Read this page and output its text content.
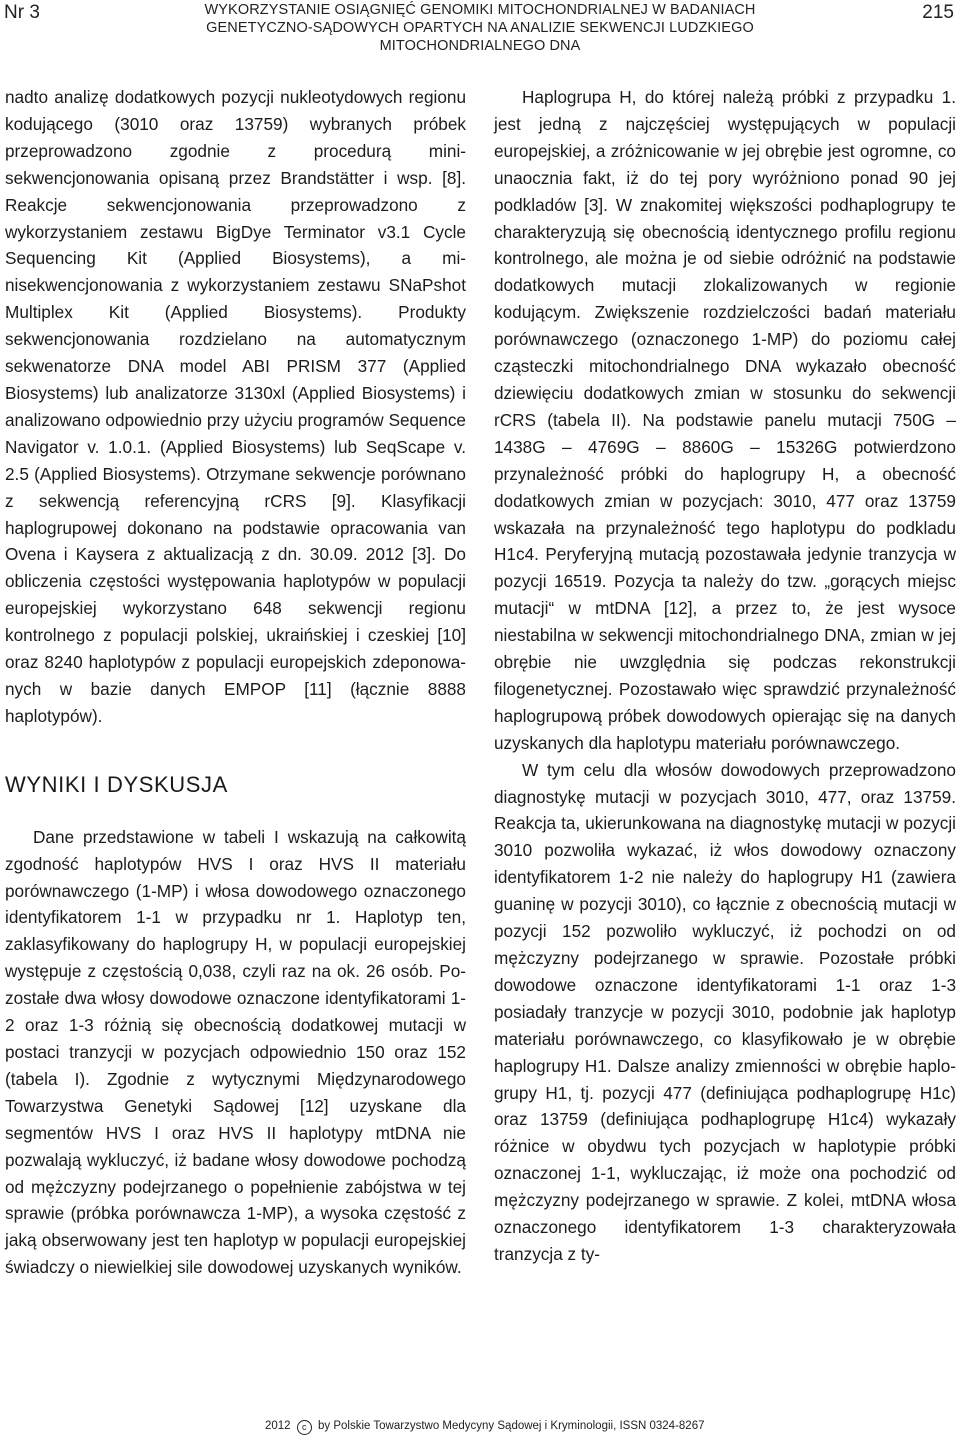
Nr 3	WYKORZYSTANIE OSIĄGNIĘĆ GENOMIKI MITOCHONDRIALNEJ W BADANIACH
GENETYCZNO-SĄDOWYCH OPARTYCH NA ANALIZIE SEKWENCJI LUDZKIEGO
MITOCHONDRIALNEGO DNA
215

nadto analizę dodatkowych pozycji nukleotydowych regionu kodującego (3010 oraz 13759) wybranych próbek przeprowadzono zgodnie z procedurą minisekwencjonowania opisaną przez Brandstätter i wsp. [8]. Reakcje sekwencjonowania przeprowadzono z wykorzystaniem zestawu BigDye Terminator v3.1 Cycle Sequencing Kit (Applied Biosystems), a minisekwencjonowania z wykorzystaniem zestawu SNaPshot Multiplex Kit (Applied Biosystems). Produkty sekwencjonowania rozdzielano na automatycznym sekwenatorze DNA model ABI PRISM 377 (Applied Biosystems) lub analizatorze 3130xl (Applied Biosystems) i analizowano odpowiednio przy użyciu programów Sequence Navigator v. 1.0.1. (Applied Biosystems) lub SeqScape v. 2.5 (Applied Biosystems). Otrzymane sekwencje porównano z sekwencją referencyjną rCRS [9]. Klasyfikacji haplogrupowej dokonano na podstawie opracowania van Ovena i Kaysera z aktualizacją z dn. 30.09. 2012 [3]. Do obliczenia częstości występowania haplotypów w populacji europejskiej wykorzystano 648 sekwencji regionu kontrolnego z populacji polskiej, ukraińskiej i czeskiej [10] oraz 8240 haplotypów z populacji europejskich zdeponowanych w bazie danych EMPOP [11] (łącznie 8888 haplotypów).

WYNIKI I DYSKUSJA

Dane przedstawione w tabeli I wskazują na całkowitą zgodność haplotypów HVS I oraz HVS II materiału porównawczego (1-MP) i włosa dowodowego oznaczonego identyfikatorem 1-1 w przypadku nr 1. Haplotyp ten, zaklasyfikowany do haplogrupy H, w populacji europejskiej występuje z częstością 0,038, czyli raz na ok. 26 osób. Pozostałe dwa włosy dowodowe oznaczone identyfikatorami 1-2 oraz 1-3 różnią się obecnością dodatkowej mutacji w postaci tranzycji w pozycjach odpowiednio 150 oraz 152 (tabela I). Zgodnie z wytycznymi Międzynarodowego Towarzystwa Genetyki Sądowej [12] uzyskane dla segmentów HVS I oraz HVS II haplotypy mtDNA nie pozwalają wykluczyć, iż badane włosy dowodowe pochodzą od mężczyzny podejrzanego o popełnienie zabójstwa w tej sprawie (próbka porównawcza 1-MP), a wysoka częstość z jaką obserwowany jest ten haplotyp w populacji europejskiej świadczy o niewielkiej sile dowodowej uzyskanych wyników.

Haplogrupa H, do której należą próbki z przypadku 1. jest jedną z najczęściej występujących w populacji europejskiej, a zróżnicowanie w jej obrębie jest ogromne, co unaocznia fakt, iż do tej pory wyróżniono ponad 90 jej podkladów [3]. W znakomitej większości podhaplogrupy te charakteryzują się obecnością identycznego profilu regionu kontrolnego, ale można je od siebie odróżnić na podstawie dodatkowych mutacji zlokalizowanych w regionie kodującym. Zwiększenie rozdzielczości badań materiału porównawczego (oznaczonego 1-MP) do poziomu całej cząsteczki mitochondrialnego DNA wykazało obecność dziewięciu dodatkowych zmian w stosunku do sekwencji rCRS (tabela II). Na podstawie panelu mutacji 750G – 1438G – 4769G – 8860G – 15326G potwierdzono przynależność próbki do haplogrupy H, a obecność dodatkowych zmian w pozycjach: 3010, 477 oraz 13759 wskazała na przynależność tego haplotypu do podkladu H1c4. Peryferyjną mutacją pozostawała jedynie tranzycja w pozycji 16519. Pozycja ta należy do tzw. „gorących miejsc mutacji“ w mtDNA [12], a przez to, że jest wysoce niestabilna w sekwencji mitochondrialnego DNA, zmian w jej obrębie nie uwzględnia się podczas rekonstrukcji filogenetycznej. Pozostawało więc sprawdzić przynależność haplogrupową próbek dowodowych opierając się na danych uzyskanych dla haplotypu materiału porównawczego.

W tym celu dla włosów dowodowych przeprowadzono diagnostykę mutacji w pozycjach 3010, 477, oraz 13759. Reakcja ta, ukierunkowana na diagnostykę mutacji w pozycji 3010 pozwoliła wykazać, iż włos dowodowy oznaczony identyfikatorem 1-2 nie należy do haplogrupy H1 (zawiera guaninę w pozycji 3010), co łącznie z obecnością mutacji w pozycji 152 pozwoliło wykluczyć, iż pochodzi on od mężczyzny podejrzanego w sprawie. Pozostałe próbki dowodowe oznaczone identyfikatorami 1-1 oraz 1-3 posiadały tranzycje w pozycji 3010, podobnie jak haplotyp materiału porównawczego, co klasyfikowało je w obrębie haplogrupy H1. Dalsze analizy zmienności w obrębie haplogrupy H1, tj. pozycji 477 (definiująca podhaplogrupę H1c) oraz 13759 (definiująca podhaplogrupę H1c4) wykazały różnice w obydwu tych pozycjach w haplotypie próbki oznaczonej 1-1, wykluczając, iż może ona pochodzić od mężczyzny podejrzanego w sprawie. Z kolei, mtDNA włosa oznaczonego identyfikatorem 1-3 charakteryzowała tranzycja z ty-

2012 c by Polskie Towarzystwo Medycyny Sądowej i Kryminologii, ISSN 0324-8267
